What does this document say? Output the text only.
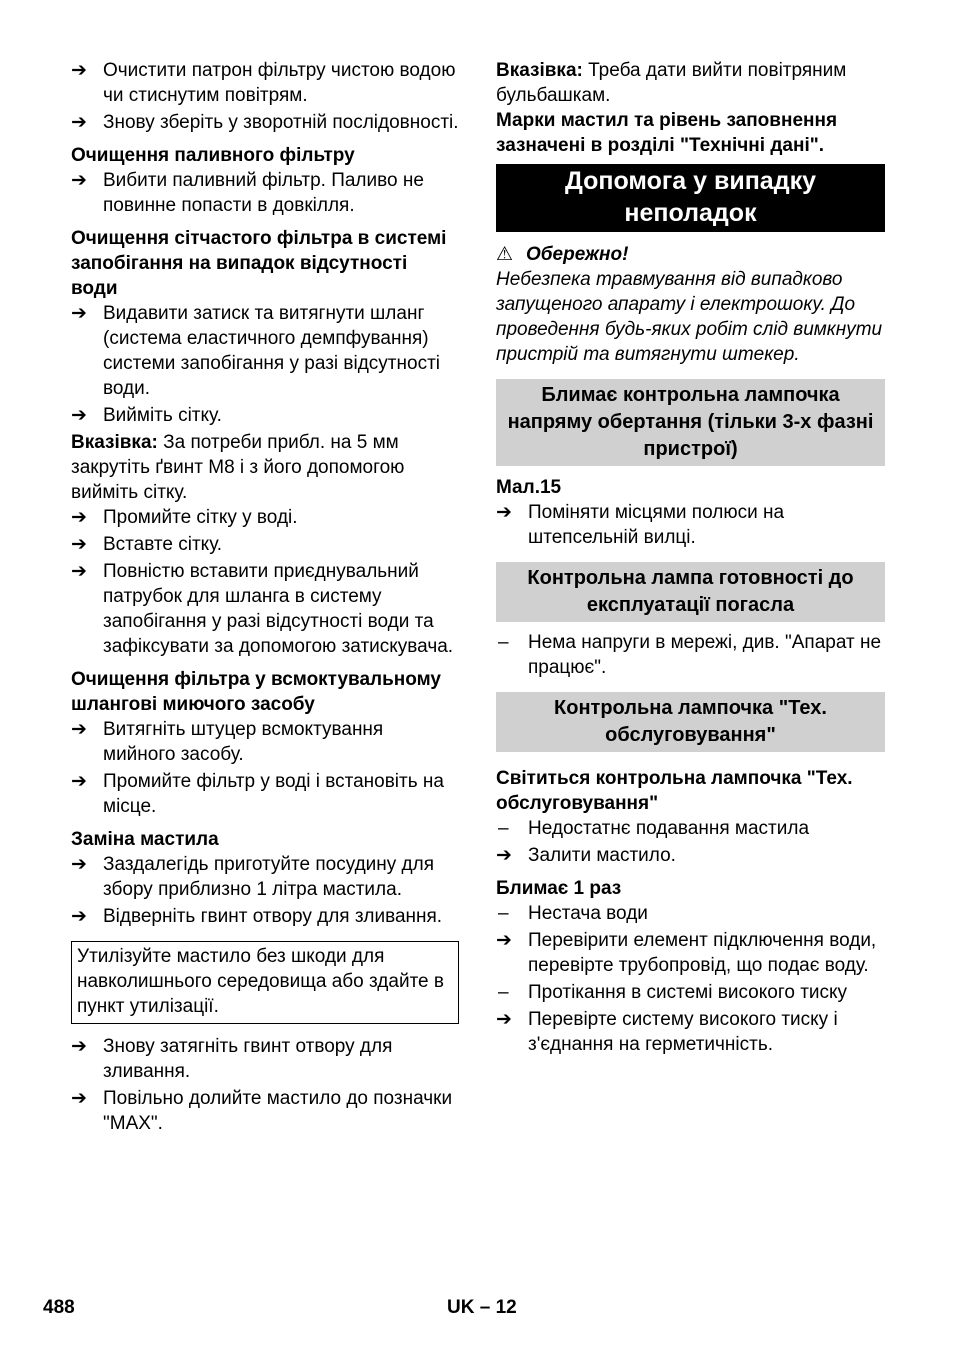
➔ Очистити патрон фільтру чистою водою чи стиснутим повітрям.
➔ Знову зберіть у зворотній послідовності.
Очищення паливного фільтру
➔ Вибити паливний фільтр. Паливо не повинне попасти в довкілля.
Очищення сітчастого фільтра в системі запобігання на випадок відсутності води
➔ Видавити затиск та витягнути шланг (система еластичного демпфування) системи запобігання у разі відсутності води.
➔ Вийміть сітку.

Вказівка: За потреби прибл. на 5 мм закрутіть ґвинт М8 і з його допомогою вийміть сітку.

➔ Промийте сітку у воді.
➔ Вставте сітку.
➔ Повністю вставити приєднувальний патрубок для шланга в систему запобігання у разі відсутності води та зафіксувати за допомогою затискувача.
Очищення фільтра у всмоктувальному шлангові миючого засобу
➔ Витягніть штуцер всмоктування мийного засобу.
➔ Промийте фільтр у воді і встановіть на місце.
Заміна мастила
➔ Заздалегідь приготуйте посудину для збору приблизно 1 літра мастила.
➔ Відверніть гвинт отвору для зливання.
Утилізуйте мастило без шкоди для навколишнього середовища або здайте в пункт утилізації.
➔ Знову затягніть гвинт отвору для зливання.
➔ Повільно долийте мастило до позначки "MAX".

Вказівка: Треба дати вийти повітряним бульбашкам.

Марки мастил та рівень заповнення зазначені в розділі "Технічні дані".

Допомога у випадку неполадок
⚠ Обережно!

Небезпека травмування від випадково запущеного апарату і електрошоку. До проведення будь-яких робіт слід вимкнути пристрій та витягнути штекер.

Блимає контрольна лампочка напряму обертання (тільки 3-х фазні пристрої)
Мал.15
➔ Поміняти місцями полюси на штепсельній вилці.
Контрольна лампа готовності до експлуатації погасла
–	Нема напруги в мережі, див. "Апарат не працює".
Контрольна лампочка "Тех. обслуговування"
Світиться контрольна лампочка "Тех. обслуговування"
–	Недостатнє подавання мастила
➔ Залити мастило.
Блимає 1 раз
–	Нестача води
➔ Перевірити елемент підключення води, перевірте трубопровід, що подає воду.
–	Протікання в системі високого тиску
➔ Перевірте систему високого тиску і з'єднання на герметичність.
488	UK – 12
